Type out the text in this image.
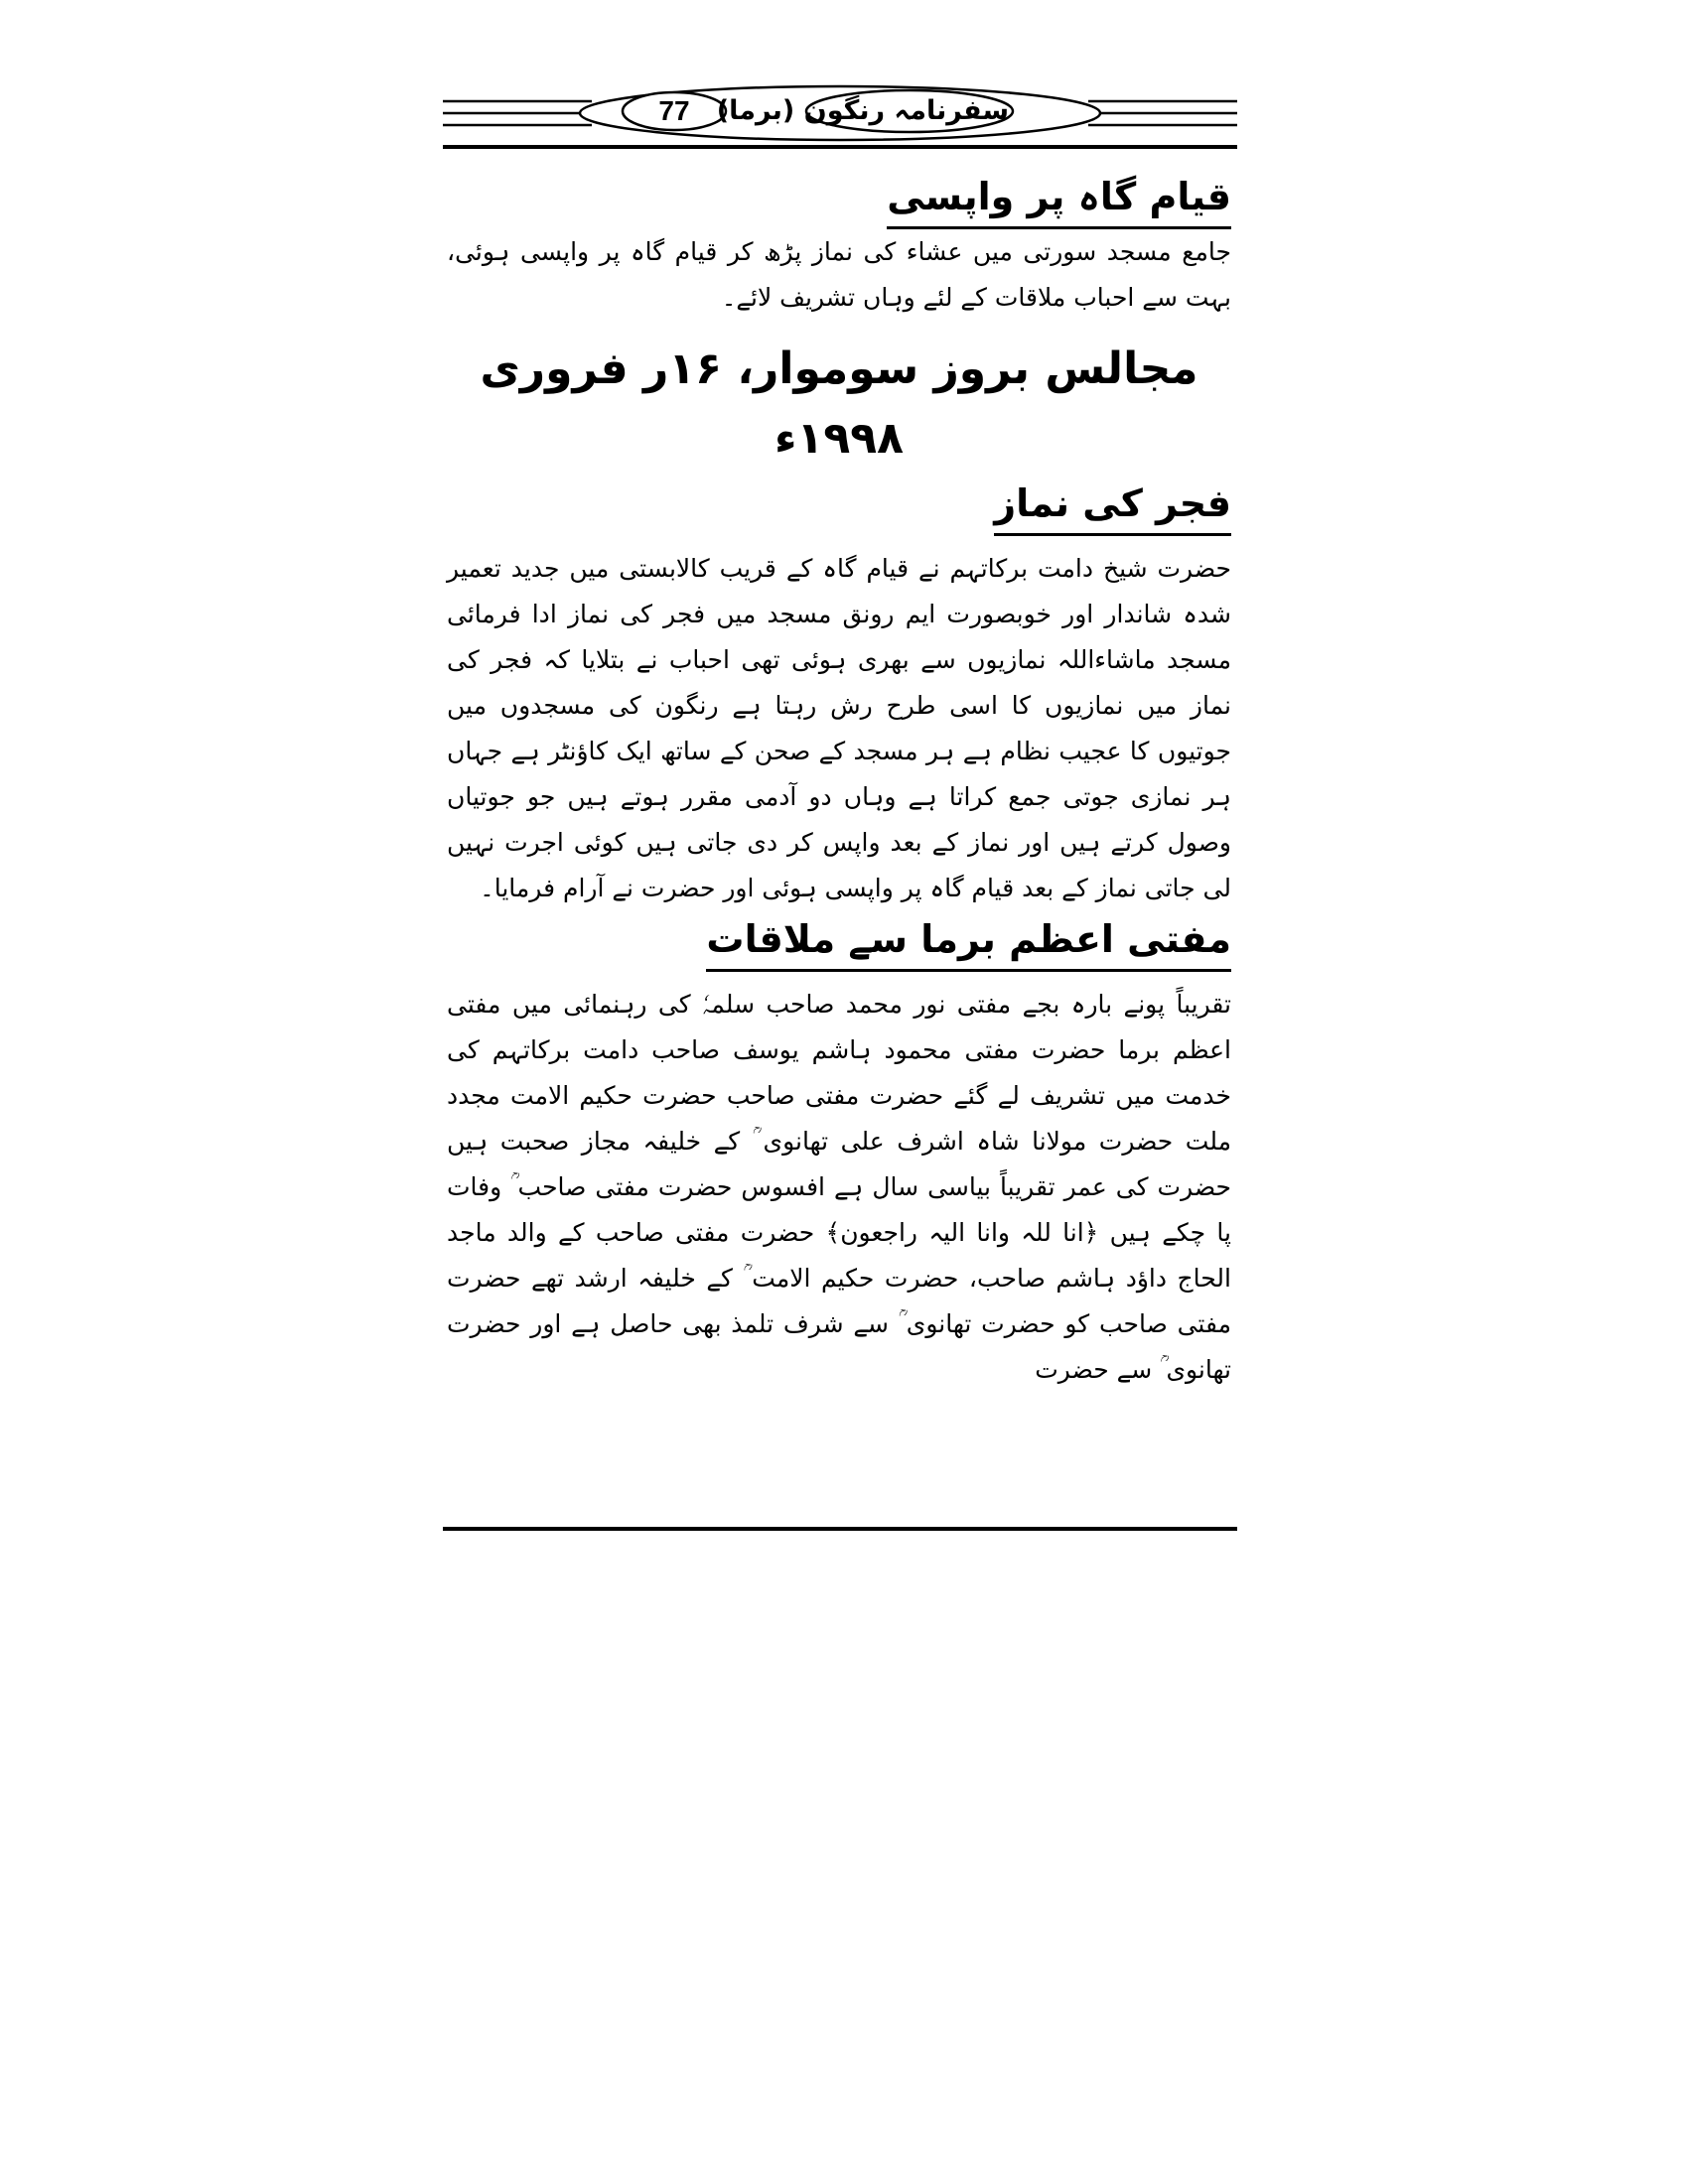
77	سفرنامہ رنگون (برما)
قیام گاہ پر واپسی

جامع مسجد سورتی میں عشاء کی نماز پڑھ کر قیام گاہ پر واپسی ہوئی، بہت سے احباب ملاقات کے لئے وہاں تشریف لائے۔

مجالس بروز سوموار، ۱۶ر فروری ۱۹۹۸ء
فجر کی نماز

حضرت شیخ دامت برکاتہم نے قیام گاہ کے قریب کالابستی میں جدید تعمیر شدہ شاندار اور خوبصورت ایم رونق مسجد میں فجر کی نماز ادا فرمائی مسجد ماشاءاللہ نمازیوں سے بھری ہوئی تھی احباب نے بتلایا کہ فجر کی نماز میں نمازیوں کا اسی طرح رش رہتا ہے رنگون کی مسجدوں میں جوتیوں کا عجیب نظام ہے ہر مسجد کے صحن کے ساتھ ایک کاؤنٹر ہے جہاں ہر نمازی جوتی جمع کراتا ہے وہاں دو آدمی مقرر ہوتے ہیں جو جوتیاں وصول کرتے ہیں اور نماز کے بعد واپس کر دی جاتی ہیں کوئی اجرت نہیں لی جاتی نماز کے بعد قیام گاہ پر واپسی ہوئی اور حضرت نے آرام فرمایا۔

مفتی اعظم برما سے ملاقات

تقریباً پونے بارہ بجے مفتی نور محمد صاحب سلمہٗ کی رہنمائی میں مفتی اعظم برما حضرت مفتی محمود ہاشم یوسف صاحب دامت برکاتہم کی خدمت میں تشریف لے گئے حضرت مفتی صاحب حضرت حکیم الامت مجدد ملت حضرت مولانا شاہ اشرف علی تھانوی ؒ کے خلیفہ مجاز صحبت ہیں حضرت کی عمر تقریباً بیاسی سال ہے افسوس حضرت مفتی صاحب ؒ وفات پا چکے ہیں ﴿انا للہ وانا الیہ راجعون﴾ حضرت مفتی صاحب کے والد ماجد الحاج داؤد ہاشم صاحب، حضرت حکیم الامت ؒ کے خلیفہ ارشد تھے حضرت مفتی صاحب کو حضرت تھانوی ؒ سے شرف تلمذ بھی حاصل ہے اور حضرت تھانوی ؒ سے حضرت
